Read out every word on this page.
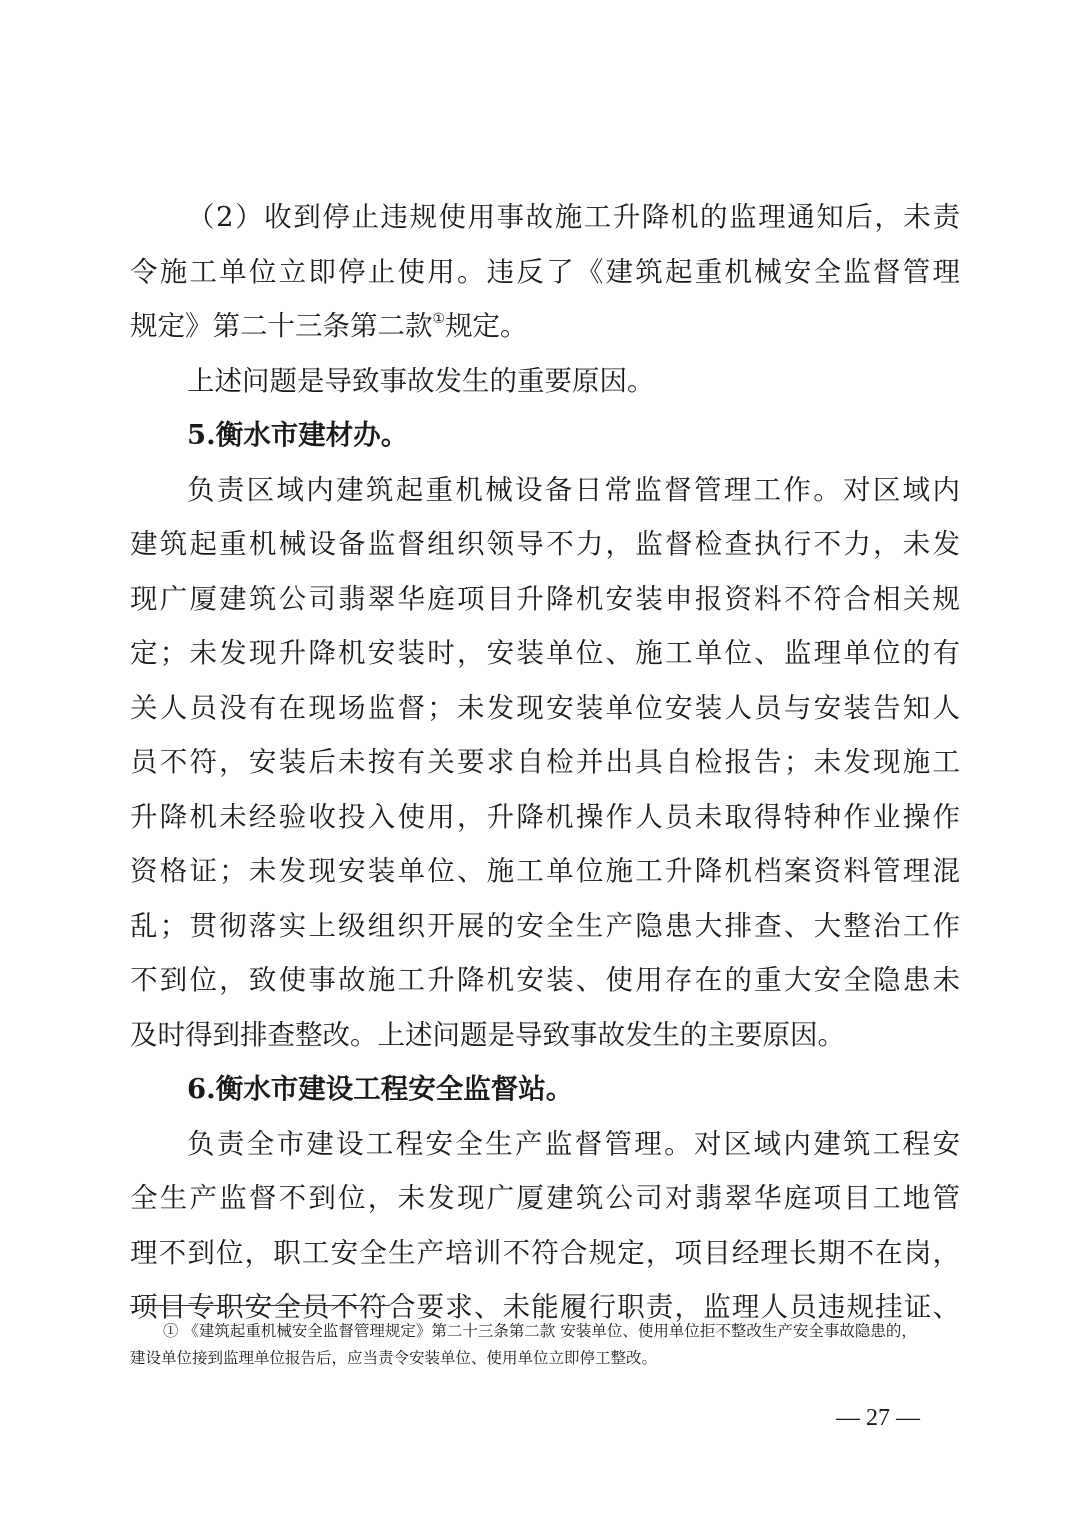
（2）收到停止违规使用事故施工升降机的监理通知后，未责
令施工单位立即停止使用。违反了《建筑起重机械安全监督管理
规定》第二十三条第二款①规定。
上述问题是导致事故发生的重要原因。
5.衡水市建材办。
负责区域内建筑起重机械设备日常监督管理工作。对区域内
建筑起重机械设备监督组织领导不力，监督检查执行不力，未发
现广厦建筑公司翡翠华庭项目升降机安装申报资料不符合相关规
定；未发现升降机安装时，安装单位、施工单位、监理单位的有
关人员没有在现场监督；未发现安装单位安装人员与安装告知人
员不符，安装后未按有关要求自检并出具自检报告；未发现施工
升降机未经验收投入使用，升降机操作人员未取得特种作业操作
资格证；未发现安装单位、施工单位施工升降机档案资料管理混
乱；贯彻落实上级组织开展的安全生产隐患大排查、大整治工作
不到位，致使事故施工升降机安装、使用存在的重大安全隐患未
及时得到排查整改。上述问题是导致事故发生的主要原因。
6.衡水市建设工程安全监督站。
负责全市建设工程安全生产监督管理。对区域内建筑工程安
全生产监督不到位，未发现广厦建筑公司对翡翠华庭项目工地管
理不到位，职工安全生产培训不符合规定，项目经理长期不在岗，
项目专职安全员不符合要求、未能履行职责，监理人员违规挂证、
① 《建筑起重机械安全监督管理规定》第二十三条第二款 安装单位、使用单位拒不整改生产安全事故隐患的，
建设单位接到监理单位报告后，应当责令安装单位、使用单位立即停工整改。
— 27 —
